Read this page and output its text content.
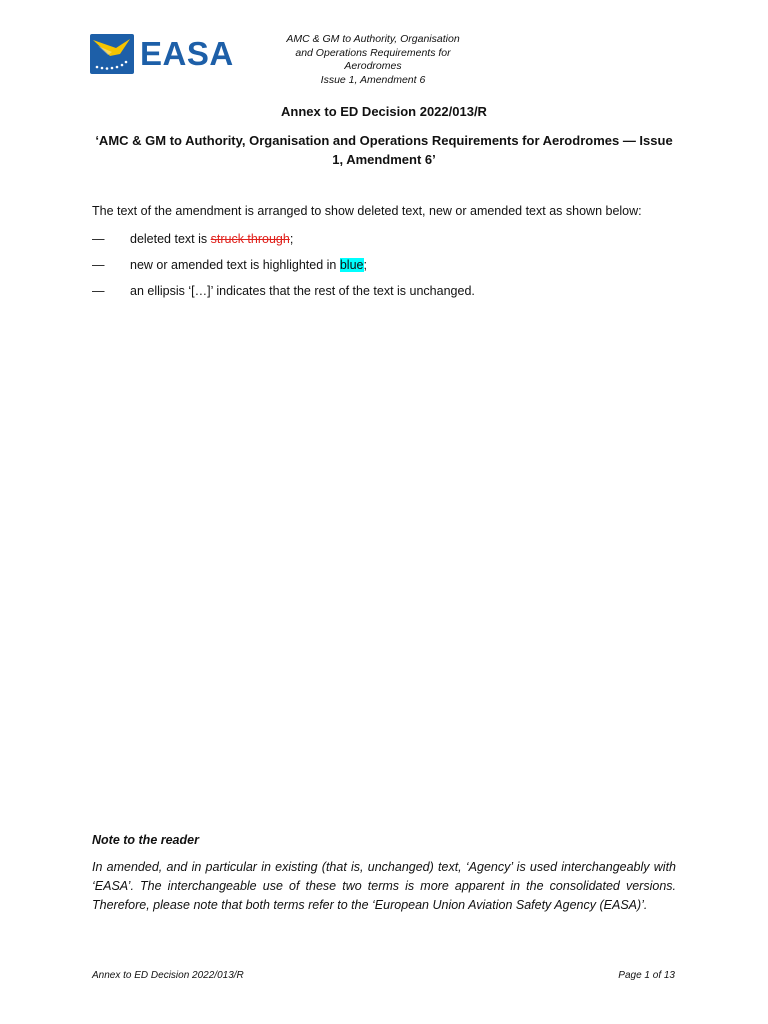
EASA	AMC & GM to Authority, Organisation
and Operations Requirements for
Aerodromes
Issue 1, Amendment 6
Annex to ED Decision 2022/013/R
‘AMC & GM to Authority, Organisation and Operations Requirements for Aerodromes — Issue 1, Amendment 6’
The text of the amendment is arranged to show deleted text, new or amended text as shown below:
— deleted text is struck through;
— new or amended text is highlighted in blue;
— an ellipsis ‘[…]’ indicates that the rest of the text is unchanged.
Note to the reader
In amended, and in particular in existing (that is, unchanged) text, ‘Agency’ is used interchangeably with ‘EASA’. The interchangeable use of these two terms is more apparent in the consolidated versions. Therefore, please note that both terms refer to the ‘European Union Aviation Safety Agency (EASA)’.
Annex to ED Decision 2022/013/R	Page 1 of 13
